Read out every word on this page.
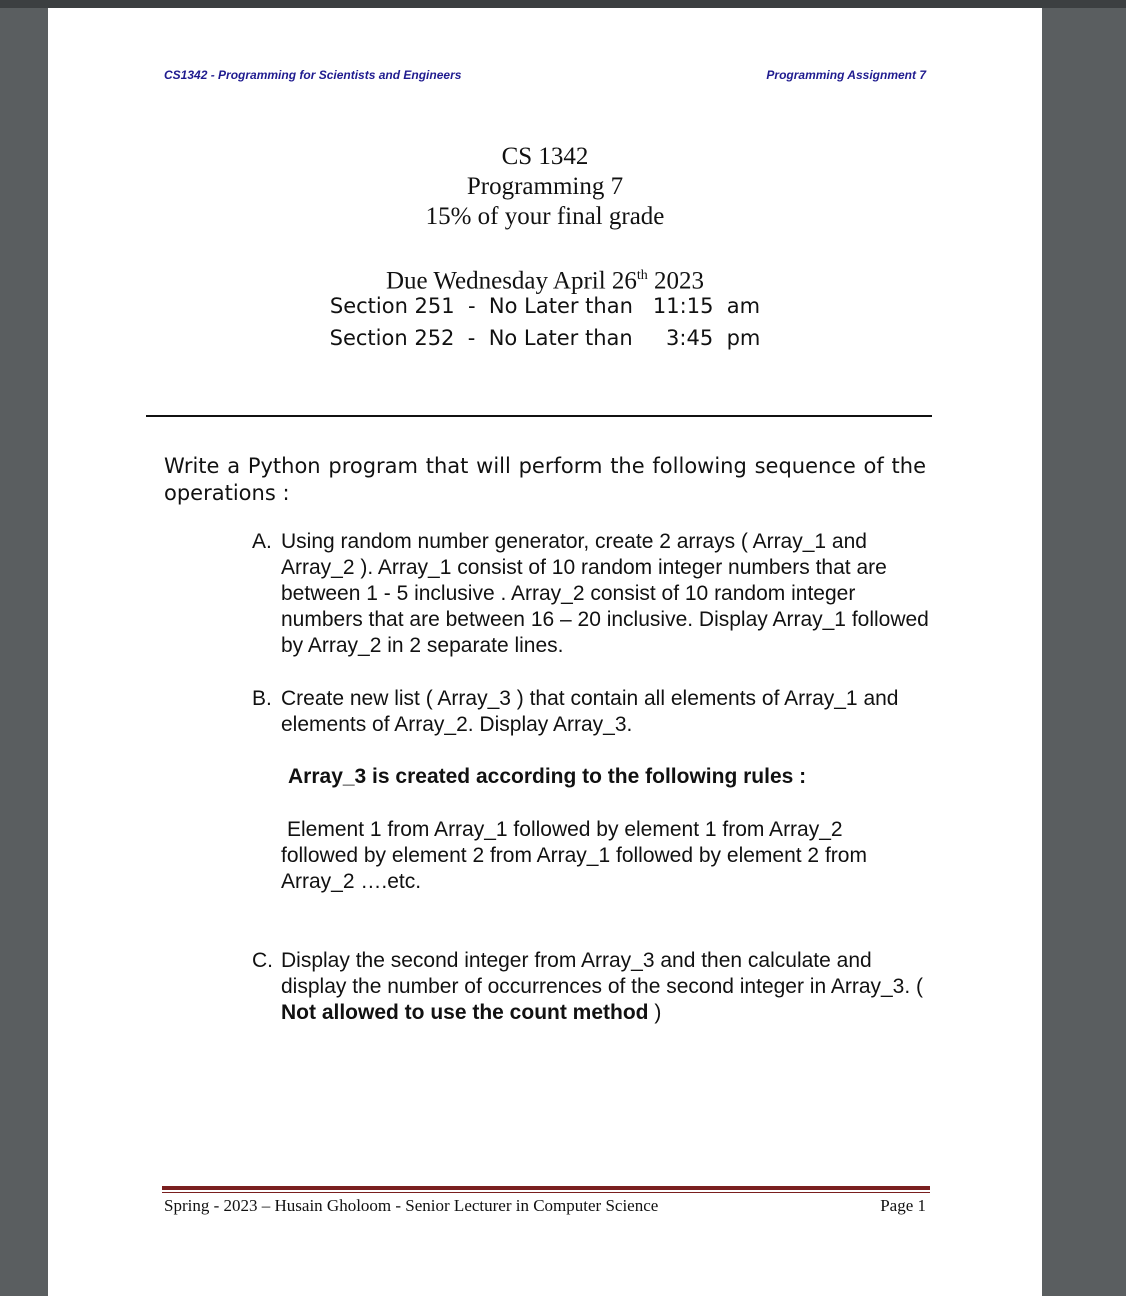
CS1342 - Programming for Scientists and Engineers	Programming Assignment 7
CS 1342
Programming 7
15% of your final grade
Due Wednesday April 26th 2023
Section 251  -  No Later than   11:15  am
Section 252  -  No Later than     3:45  pm
Write a Python program that will perform the following sequence of the operations :
A. Using random number generator, create 2 arrays ( Array_1 and Array_2 ). Array_1 consist of 10 random integer numbers that are between 1 - 5 inclusive . Array_2 consist of 10 random integer numbers that are between 16 – 20 inclusive. Display Array_1 followed by Array_2 in 2 separate lines.
B. Create new list ( Array_3 ) that contain all elements of Array_1 and elements of Array_2. Display Array_3.
Array_3 is created according to the following rules :
Element 1 from Array_1 followed by element 1 from Array_2
followed by element 2 from Array_1 followed by element 2 from Array_2 ….etc.
C. Display the second integer from Array_3 and then calculate and display the number of occurrences of the second integer in Array_3. ( Not allowed to use the count method )
Spring - 2023 – Husain Gholoom - Senior Lecturer in Computer Science	Page 1
